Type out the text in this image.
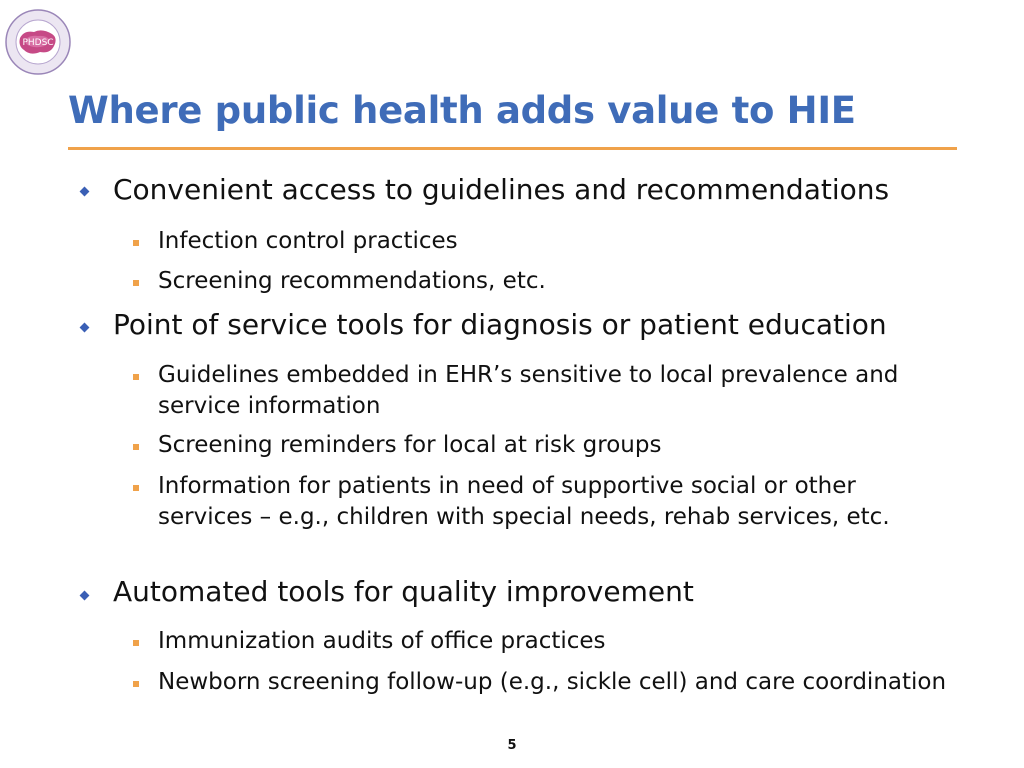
PHDSC
Where public health adds value to HIE
Convenient access to guidelines and recommendations
Infection control practices
Screening recommendations, etc.
Point of service tools for diagnosis or patient education
Guidelines embedded in EHR’s sensitive to local prevalence and service information
Screening reminders for local at risk groups
Information for patients in need of supportive social or other services – e.g., children with special needs, rehab services, etc.
Automated tools for quality improvement
Immunization audits of office practices
Newborn screening follow-up (e.g., sickle cell) and care coordination
5
